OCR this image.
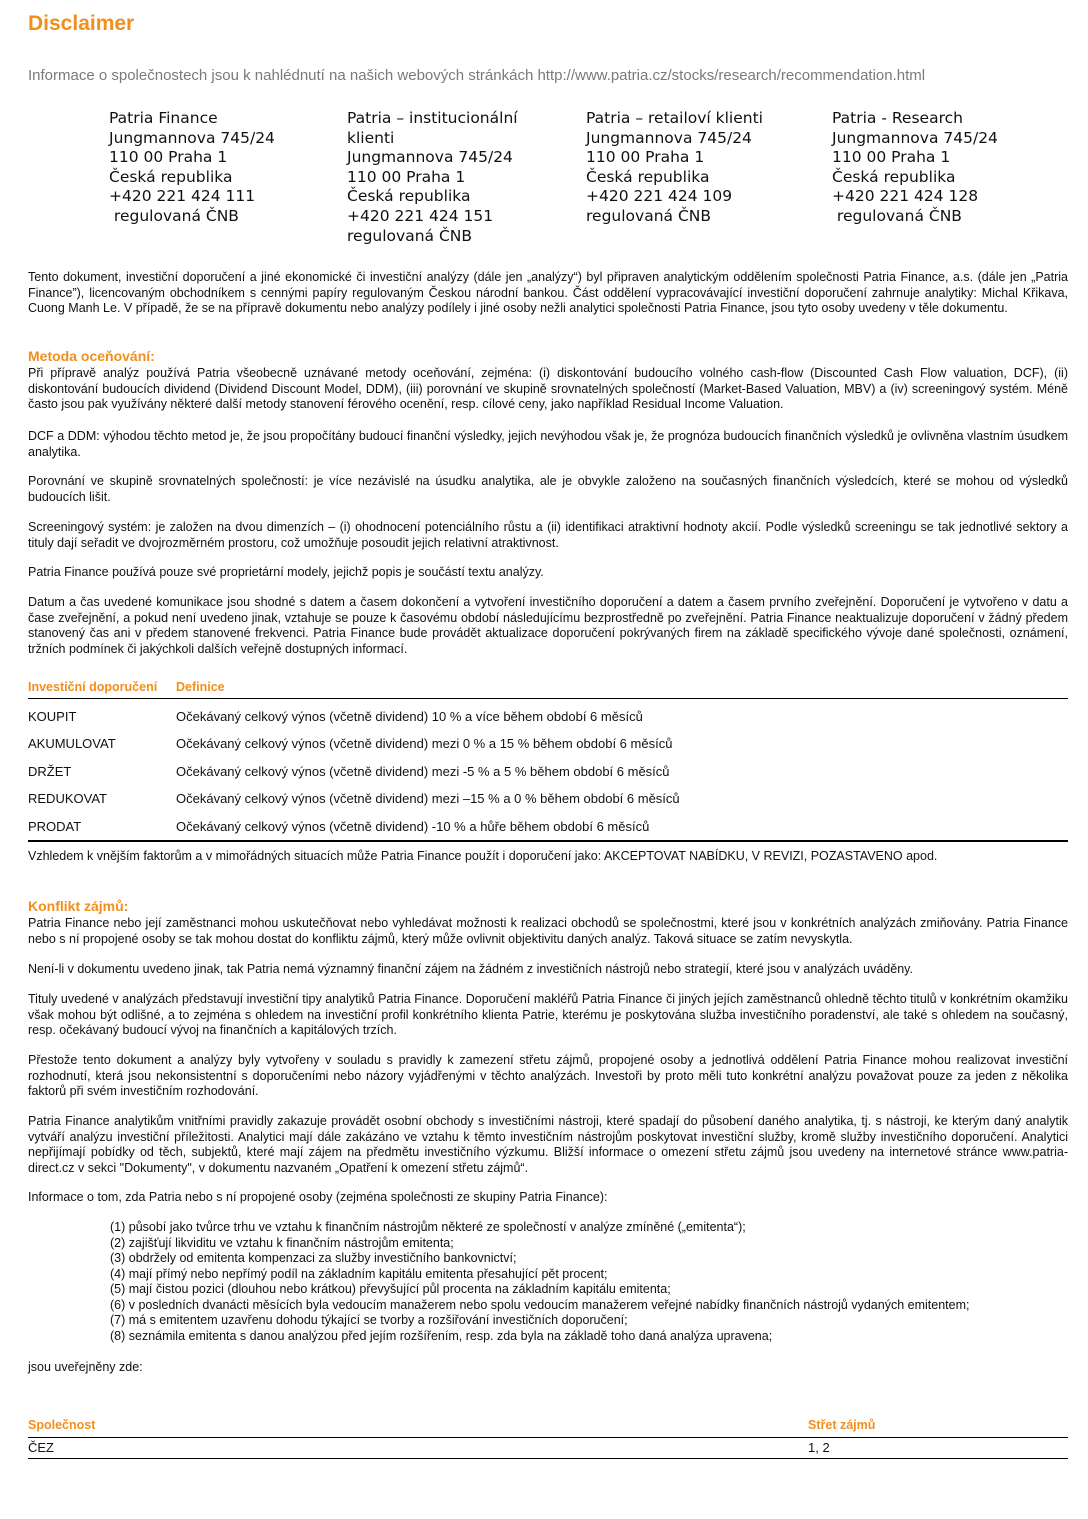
Disclaimer
Informace o společnostech jsou k nahlédnutí na našich webových stránkách http://www.patria.cz/stocks/research/recommendation.html
Patria Finance
Jungmannova 745/24
110 00 Praha 1
Česká republika
+420 221 424 111
regulovaná ČNB
Patria – institucionální
klienti
Jungmannova 745/24
110 00 Praha 1
Česká republika
+420 221 424 151
regulovaná ČNB
Patria – retailoví klienti
Jungmannova 745/24
110 00 Praha 1
Česká republika
+420 221 424 109
regulovaná ČNB
Patria - Research
Jungmannova 745/24
110 00 Praha 1
Česká republika
+420 221 424 128
regulovaná ČNB

Tento dokument, investiční doporučení a jiné ekonomické či investiční analýzy (dále jen „analýzy“) byl připraven analytickým oddělením společnosti Patria Finance, a.s. (dále jen „Patria Finance”), licencovaným obchodníkem s cennými papíry regulovaným Českou národní bankou. Část oddělení vypracovávající investiční doporučení zahrnuje analytiky: Michal Křikava, Cuong Manh Le. V případě, že se na přípravě dokumentu nebo analýzy podílely i jiné osoby nežli analytici společnosti Patria Finance, jsou tyto osoby uvedeny v těle dokumentu.

Metoda oceňování:

Při přípravě analýz používá Patria všeobecně uznávané metody oceňování, zejména: (i) diskontování budoucího volného cash-flow (Discounted Cash Flow valuation, DCF), (ii) diskontování budoucích dividend (Dividend Discount Model, DDM), (iii) porovnání ve skupině srovnatelných společností (Market-Based Valuation, MBV) a (iv) screeningový systém. Méně často jsou pak využívány některé další metody stanovení férového ocenění, resp. cílové ceny, jako například Residual Income Valuation.

DCF a DDM: výhodou těchto metod je, že jsou propočítány budoucí finanční výsledky, jejich nevýhodou však je, že prognóza budoucích finančních výsledků je ovlivněna vlastním úsudkem analytika.

Porovnání ve skupině srovnatelných společností: je více nezávislé na úsudku analytika, ale je obvykle založeno na současných finančních výsledcích, které se mohou od výsledků budoucích lišit.

Screeningový systém: je založen na dvou dimenzích – (i) ohodnocení potenciálního růstu a (ii) identifikaci atraktivní hodnoty akcií. Podle výsledků screeningu se tak jednotlivé sektory a tituly dají seřadit ve dvojrozměrném prostoru, což umožňuje posoudit jejich relativní atraktivnost.

Patria Finance používá pouze své proprietární modely, jejichž popis je součástí textu analýzy.

Datum a čas uvedené komunikace jsou shodné s datem a časem dokončení a vytvoření investičního doporučení a datem a časem prvního zveřejnění. Doporučení je vytvořeno v datu a čase zveřejnění, a pokud není uvedeno jinak, vztahuje se pouze k časovému období následujícímu bezprostředně po zveřejnění. Patria Finance neaktualizuje doporučení v žádný předem stanovený čas ani v předem stanovené frekvenci. Patria Finance bude provádět aktualizace doporučení pokrývaných firem na základě specifického vývoje dané společnosti, oznámení, tržních podmínek či jakýchkoli dalších veřejně dostupných informací.

Investiční doporučení	Definice
KOUPIT	Očekávaný celkový výnos (včetně dividend) 10 % a více během období 6 měsíců
AKUMULOVAT	Očekávaný celkový výnos (včetně dividend) mezi 0 % a 15 % během období 6 měsíců
DRŽET	Očekávaný celkový výnos (včetně dividend) mezi -5 % a 5 % během období 6 měsíců
REDUKOVAT	Očekávaný celkový výnos (včetně dividend) mezi –15 % a 0 % během období 6 měsíců
PRODAT	Očekávaný celkový výnos (včetně dividend) -10 % a hůře během období 6 měsíců

Vzhledem k vnějším faktorům a v mimořádných situacích může Patria Finance použít i doporučení jako: AKCEPTOVAT NABÍDKU, V REVIZI, POZASTAVENO apod.

Konflikt zájmů:

Patria Finance nebo její zaměstnanci mohou uskutečňovat nebo vyhledávat možnosti k realizaci obchodů se společnostmi, které jsou v konkrétních analýzách zmiňovány. Patria Finance nebo s ní propojené osoby se tak mohou dostat do konfliktu zájmů, který může ovlivnit objektivitu daných analýz. Taková situace se zatím nevyskytla.

Není-li v dokumentu uvedeno jinak, tak Patria nemá významný finanční zájem na žádném z investičních nástrojů nebo strategií, které jsou v analýzách uváděny.

Tituly uvedené v analýzách představují investiční tipy analytiků Patria Finance. Doporučení makléřů Patria Finance či jiných jejích zaměstnanců ohledně těchto titulů v konkrétním okamžiku však mohou být odlišné, a to zejména s ohledem na investiční profil konkrétního klienta Patrie, kterému je poskytována služba investičního poradenství, ale také s ohledem na současný, resp. očekávaný budoucí vývoj na finančních a kapitálových trzích.

Přestože tento dokument a analýzy byly vytvořeny v souladu s pravidly k zamezení střetu zájmů, propojené osoby a jednotlivá oddělení Patria Finance mohou realizovat investiční rozhodnutí, která jsou nekonsistentní s doporučeními nebo názory vyjádřenými v těchto analýzách. Investoři by proto měli tuto konkrétní analýzu považovat pouze za jeden z několika faktorů při svém investičním rozhodování.

Patria Finance analytikům vnitřními pravidly zakazuje provádět osobní obchody s investičními nástroji, které spadají do působení daného analytika, tj. s nástroji, ke kterým daný analytik vytváří analýzu investiční příležitosti. Analytici mají dále zakázáno ve vztahu k těmto investičním nástrojům poskytovat investiční služby, kromě služby investičního doporučení. Analytici nepřijímají pobídky od těch, subjektů, které mají zájem na předmětu investičního výzkumu. Bližší informace o omezení střetu zájmů jsou uvedeny na internetové stránce www.patria-direct.cz v sekci "Dokumenty", v dokumentu nazvaném „Opatření k omezení střetu zájmů“.

Informace o tom, zda Patria nebo s ní propojené osoby (zejména společnosti ze skupiny Patria Finance):

(1) působí jako tvůrce trhu ve vztahu k finančním nástrojům některé ze společností v analýze zmíněné („emitenta“);
(2) zajišťují likviditu ve vztahu k finančním nástrojům emitenta;
(3) obdržely od emitenta kompenzaci za služby investičního bankovnictví;
(4) mají přímý nebo nepřímý podíl na základním kapitálu emitenta přesahující pět procent;
(5) mají čistou pozici (dlouhou nebo krátkou) převyšující půl procenta na základním kapitálu emitenta;
(6) v posledních dvanácti měsících byla vedoucím manažerem nebo spolu vedoucím manažerem veřejné nabídky finančních nástrojů vydaných emitentem;
(7) má s emitentem uzavřenu dohodu týkající se tvorby a rozšiřování investičních doporučení;
(8) seznámila emitenta s danou analýzou před jejím rozšířením, resp. zda byla na základě toho daná analýza upravena;

jsou uveřejněny zde:

Společnost	Střet zájmů
ČEZ	1, 2
